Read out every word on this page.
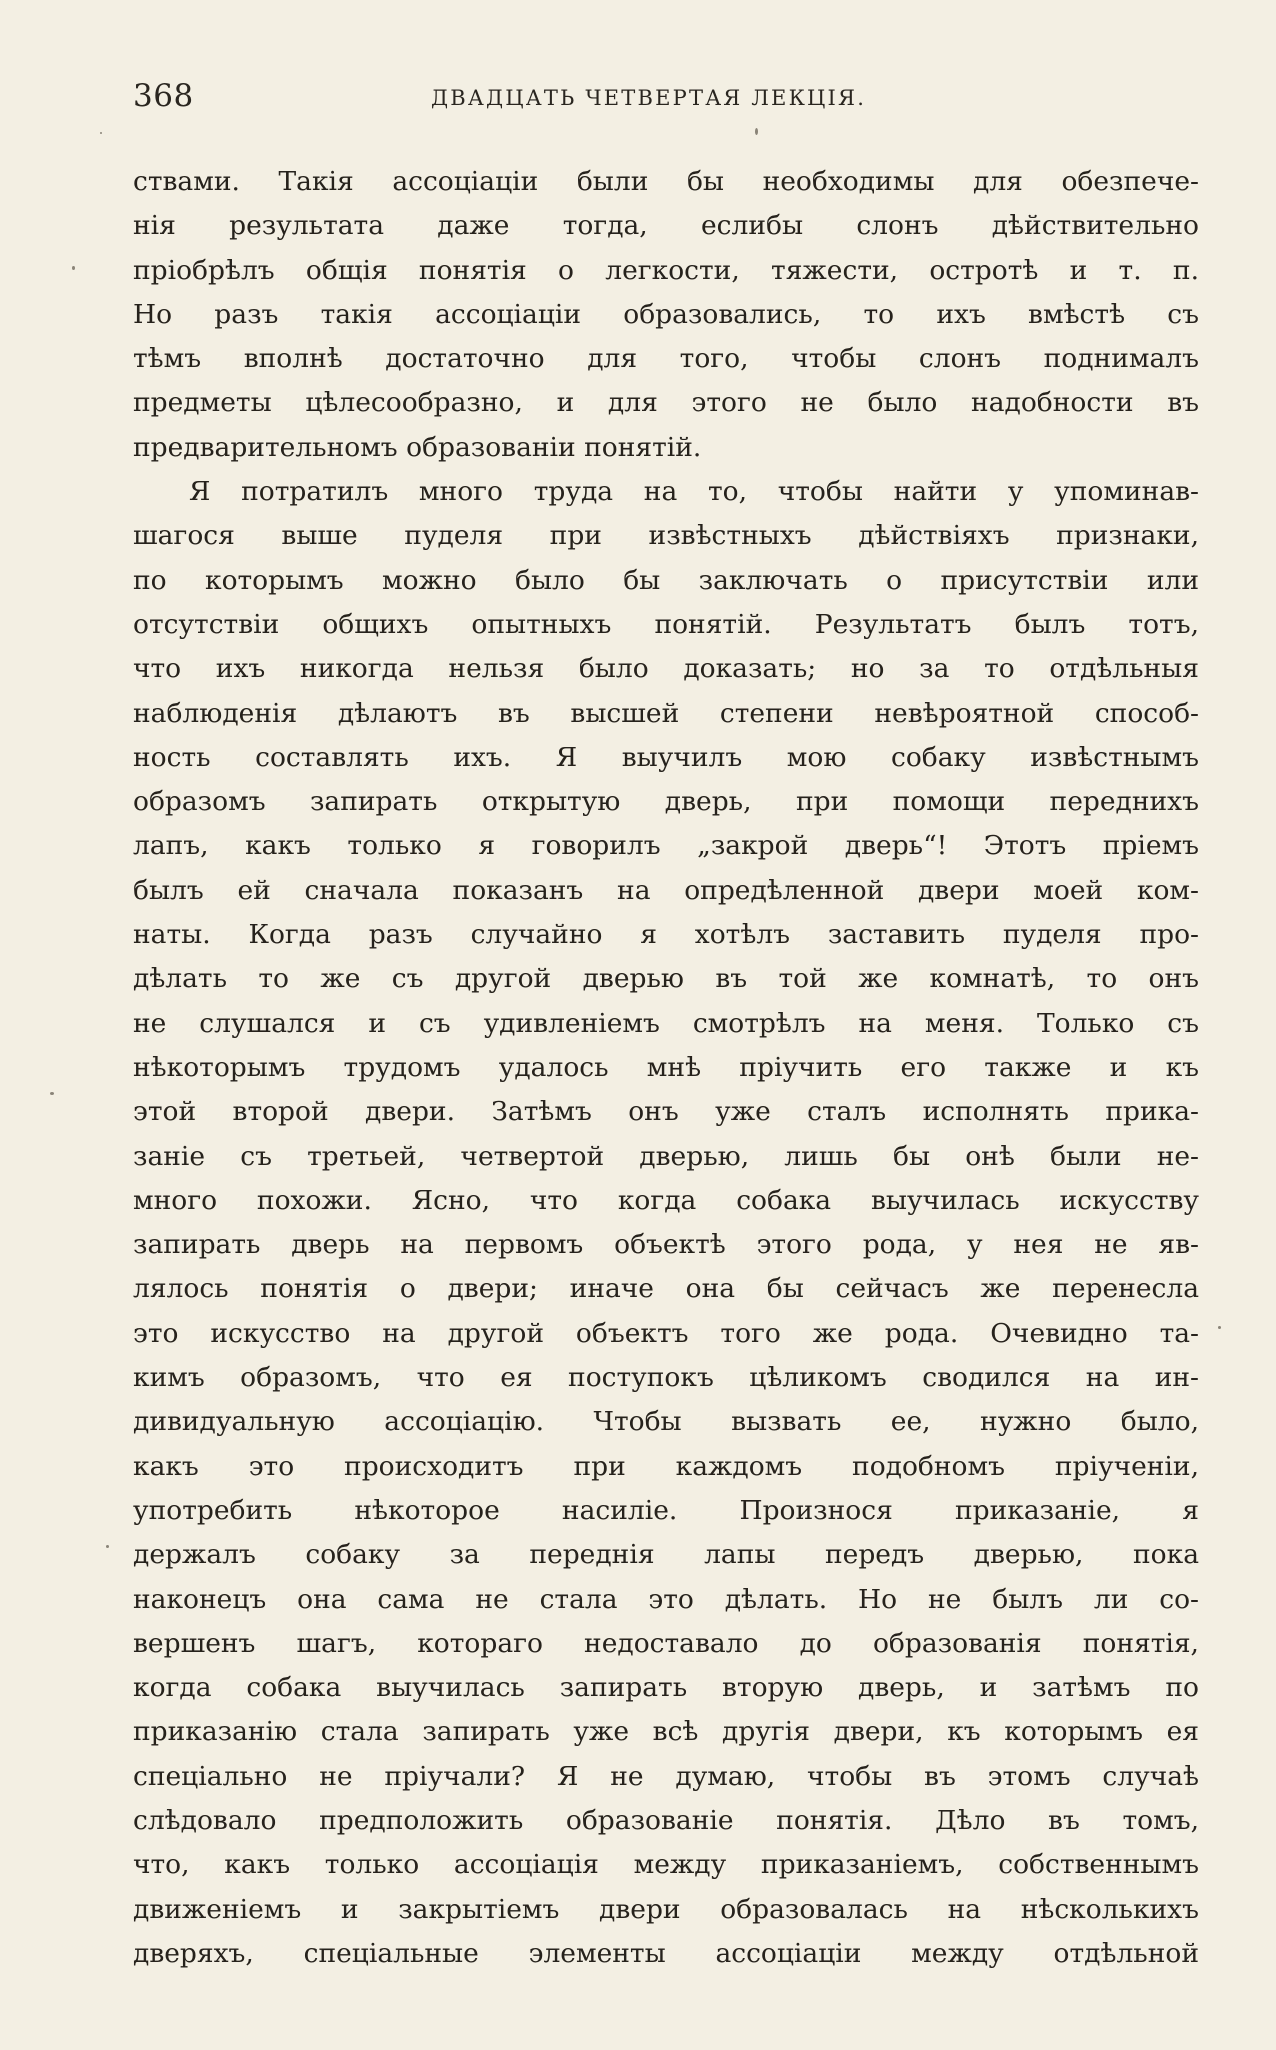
368	ДВАДЦАТЬ ЧЕТВЕРТАЯ ЛЕКЦІЯ.
ствами. Такія ассоціаціи были бы необходимы для обезпече-
нія результата даже тогда, еслибы слонъ дѣйствительно
пріобрѣлъ общія понятія о легкости, тяжести, остротѣ и т. п.
Но разъ такія ассоціаціи образовались, то ихъ вмѣстѣ съ
тѣмъ вполнѣ достаточно для того, чтобы слонъ поднималъ
предметы цѣлесообразно, и для этого не было надобности въ
предварительномъ образованіи понятій.
Я потратилъ много труда на то, чтобы найти у упоминав-
шагося выше пуделя при извѣстныхъ дѣйствіяхъ признаки,
по которымъ можно было бы заключать о присутствіи или
отсутствіи общихъ опытныхъ понятій. Результатъ былъ тотъ,
что ихъ никогда нельзя было доказать; но за то отдѣльныя
наблюденія дѣлаютъ въ высшей степени невѣроятной способ-
ность составлять ихъ. Я выучилъ мою собаку извѣстнымъ
образомъ запирать открытую дверь, при помощи переднихъ
лапъ, какъ только я говорилъ „закрой дверь“! Этотъ пріемъ
былъ ей сначала показанъ на опредѣленной двери моей ком-
наты. Когда разъ случайно я хотѣлъ заставить пуделя про-
дѣлать то же съ другой дверью въ той же комнатѣ, то онъ
не слушался и съ удивленіемъ смотрѣлъ на меня. Только съ
нѣкоторымъ трудомъ удалось мнѣ пріучить его также и къ
этой второй двери. Затѣмъ онъ уже сталъ исполнять прика-
заніе съ третьей, четвертой дверью, лишь бы онѣ были не-
много похожи. Ясно, что когда собака выучилась искусству
запирать дверь на первомъ объектѣ этого рода, у нея не яв-
лялось понятія о двери; иначе она бы сейчасъ же перенесла
это искусство на другой объектъ того же рода. Очевидно та-
кимъ образомъ, что ея поступокъ цѣликомъ сводился на ин-
дивидуальную ассоціацію. Чтобы вызвать ее, нужно было,
какъ это происходитъ при каждомъ подобномъ пріученіи,
употребить нѣкоторое насиліе. Произнося приказаніе, я
держалъ собаку за переднія лапы передъ дверью, пока
наконецъ она сама не стала это дѣлать. Но не былъ ли со-
вершенъ шагъ, котораго недоставало до образованія понятія,
когда собака выучилась запирать вторую дверь, и затѣмъ по
приказанію стала запирать уже всѣ другія двери, къ которымъ ея
спеціально не пріучали? Я не думаю, чтобы въ этомъ случаѣ
слѣдовало предположить образованіе понятія. Дѣло въ томъ,
что, какъ только ассоціація между приказаніемъ, собственнымъ
движеніемъ и закрытіемъ двери образовалась на нѣсколькихъ
дверяхъ, спеціальные элементы ассоціаціи между отдѣльной
